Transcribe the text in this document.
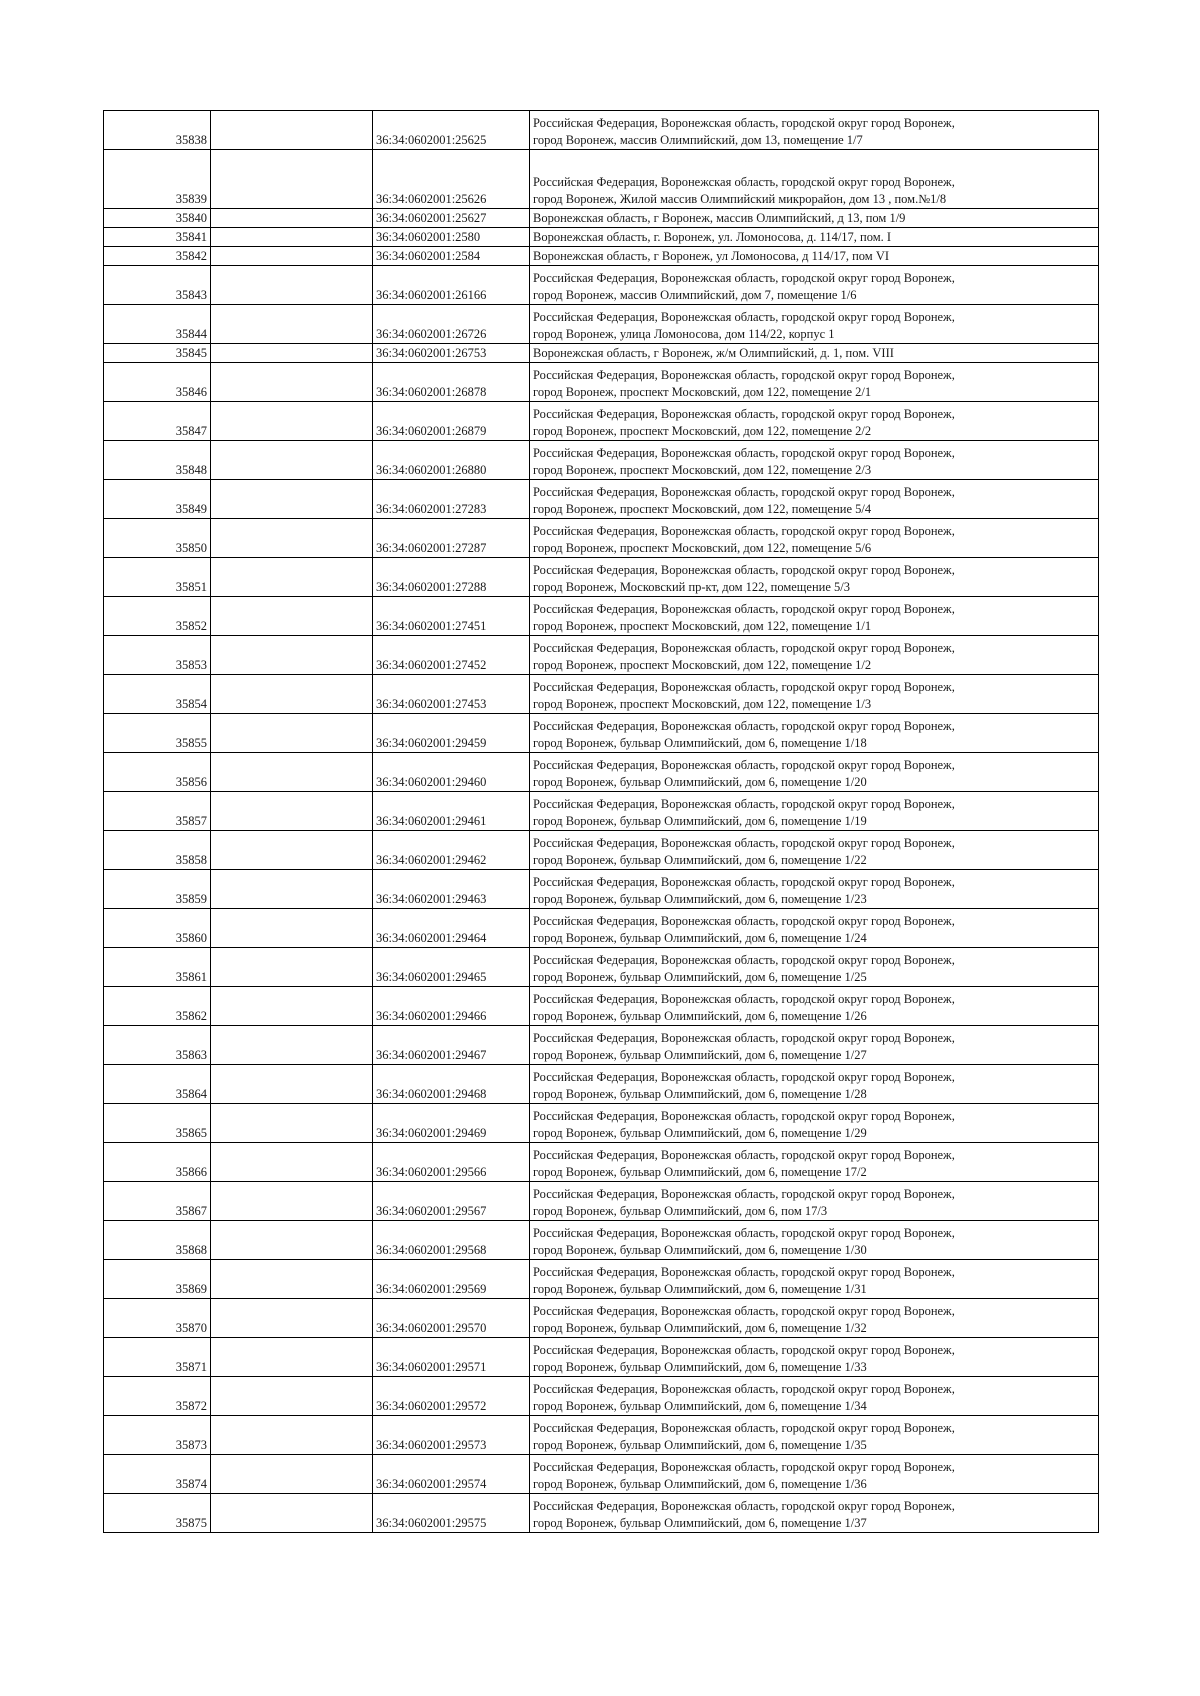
35838		36:34:0602001:25625	Российская Федерация, Воронежская область, городской округ город Воронеж,
город Воронеж, массив Олимпийский, дом 13, помещение 1/7

35839		36:34:0602001:25626	Российская Федерация, Воронежская область, городской округ город Воронеж,
город Воронеж, Жилой массив Олимпийский микрорайон, дом 13 , пом.№1/8

35840		36:34:0602001:25627	Воронежская область, г Воронеж, массив Олимпийский, д 13, пом 1/9

35841		36:34:0602001:2580	Воронежская область, г. Воронеж, ул. Ломоносова, д. 114/17, пом. I

35842		36:34:0602001:2584	Воронежская область, г Воронеж, ул Ломоносова, д 114/17, пом VI

35843		36:34:0602001:26166	Российская Федерация, Воронежская область, городской округ город Воронеж,
город Воронеж, массив Олимпийский, дом 7, помещение 1/6

35844		36:34:0602001:26726	Российская Федерация, Воронежская область, городской округ город Воронеж,
город Воронеж, улица Ломоносова, дом 114/22, корпус 1

35845		36:34:0602001:26753	Воронежская область, г Воронеж, ж/м Олимпийский, д. 1, пом. VIII

35846		36:34:0602001:26878	Российская Федерация, Воронежская область, городской округ город Воронеж,
город Воронеж, проспект Московский, дом 122, помещение 2/1

35847		36:34:0602001:26879	Российская Федерация, Воронежская область, городской округ город Воронеж,
город Воронеж, проспект Московский, дом 122, помещение 2/2

35848		36:34:0602001:26880	Российская Федерация, Воронежская область, городской округ город Воронеж,
город Воронеж, проспект Московский, дом 122, помещение 2/3

35849		36:34:0602001:27283	Российская Федерация, Воронежская область, городской округ город Воронеж,
город Воронеж, проспект Московский, дом 122, помещение 5/4

35850		36:34:0602001:27287	Российская Федерация, Воронежская область, городской округ город Воронеж,
город Воронеж, проспект Московский, дом 122, помещение 5/6

35851		36:34:0602001:27288	Российская Федерация, Воронежская область, городской округ город Воронеж,
город Воронеж, Московский пр-кт, дом 122, помещение 5/3

35852		36:34:0602001:27451	Российская Федерация, Воронежская область, городской округ город Воронеж,
город Воронеж, проспект Московский, дом 122, помещение 1/1

35853		36:34:0602001:27452	Российская Федерация, Воронежская область, городской округ город Воронеж,
город Воронеж, проспект Московский, дом 122, помещение 1/2

35854		36:34:0602001:27453	Российская Федерация, Воронежская область, городской округ город Воронеж,
город Воронеж, проспект Московский, дом 122, помещение 1/3

35855		36:34:0602001:29459	Российская Федерация, Воронежская область, городской округ город Воронеж,
город Воронеж, бульвар Олимпийский, дом 6, помещение 1/18

35856		36:34:0602001:29460	Российская Федерация, Воронежская область, городской округ город Воронеж,
город Воронеж, бульвар Олимпийский, дом 6, помещение 1/20

35857		36:34:0602001:29461	Российская Федерация, Воронежская область, городской округ город Воронеж,
город Воронеж, бульвар Олимпийский, дом 6, помещение 1/19

35858		36:34:0602001:29462	Российская Федерация, Воронежская область, городской округ город Воронеж,
город Воронеж, бульвар Олимпийский, дом 6, помещение 1/22

35859		36:34:0602001:29463	Российская Федерация, Воронежская область, городской округ город Воронеж,
город Воронеж, бульвар Олимпийский, дом 6, помещение 1/23

35860		36:34:0602001:29464	Российская Федерация, Воронежская область, городской округ город Воронеж,
город Воронеж, бульвар Олимпийский, дом 6, помещение 1/24

35861		36:34:0602001:29465	Российская Федерация, Воронежская область, городской округ город Воронеж,
город Воронеж, бульвар Олимпийский, дом 6, помещение 1/25

35862		36:34:0602001:29466	Российская Федерация, Воронежская область, городской округ город Воронеж,
город Воронеж, бульвар Олимпийский, дом 6, помещение 1/26

35863		36:34:0602001:29467	Российская Федерация, Воронежская область, городской округ город Воронеж,
город Воронеж, бульвар Олимпийский, дом 6, помещение 1/27

35864		36:34:0602001:29468	Российская Федерация, Воронежская область, городской округ город Воронеж,
город Воронеж, бульвар Олимпийский, дом 6, помещение 1/28

35865		36:34:0602001:29469	Российская Федерация, Воронежская область, городской округ город Воронеж,
город Воронеж, бульвар Олимпийский, дом 6, помещение 1/29

35866		36:34:0602001:29566	Российская Федерация, Воронежская область, городской округ город Воронеж,
город Воронеж, бульвар Олимпийский, дом 6, помещение 17/2

35867		36:34:0602001:29567	Российская Федерация, Воронежская область, городской округ город Воронеж,
город Воронеж, бульвар Олимпийский, дом 6, пом 17/3

35868		36:34:0602001:29568	Российская Федерация, Воронежская область, городской округ город Воронеж,
город Воронеж, бульвар Олимпийский, дом 6, помещение 1/30

35869		36:34:0602001:29569	Российская Федерация, Воронежская область, городской округ город Воронеж,
город Воронеж, бульвар Олимпийский, дом 6, помещение 1/31

35870		36:34:0602001:29570	Российская Федерация, Воронежская область, городской округ город Воронеж,
город Воронеж, бульвар Олимпийский, дом 6, помещение 1/32

35871		36:34:0602001:29571	Российская Федерация, Воронежская область, городской округ город Воронеж,
город Воронеж, бульвар Олимпийский, дом 6, помещение 1/33

35872		36:34:0602001:29572	Российская Федерация, Воронежская область, городской округ город Воронеж,
город Воронеж, бульвар Олимпийский, дом 6, помещение 1/34

35873		36:34:0602001:29573	Российская Федерация, Воронежская область, городской округ город Воронеж,
город Воронеж, бульвар Олимпийский, дом 6, помещение 1/35

35874		36:34:0602001:29574	Российская Федерация, Воронежская область, городской округ город Воронеж,
город Воронеж, бульвар Олимпийский, дом 6, помещение 1/36

35875		36:34:0602001:29575	Российская Федерация, Воронежская область, городской округ город Воронеж,
город Воронеж, бульвар Олимпийский, дом 6, помещение 1/37
